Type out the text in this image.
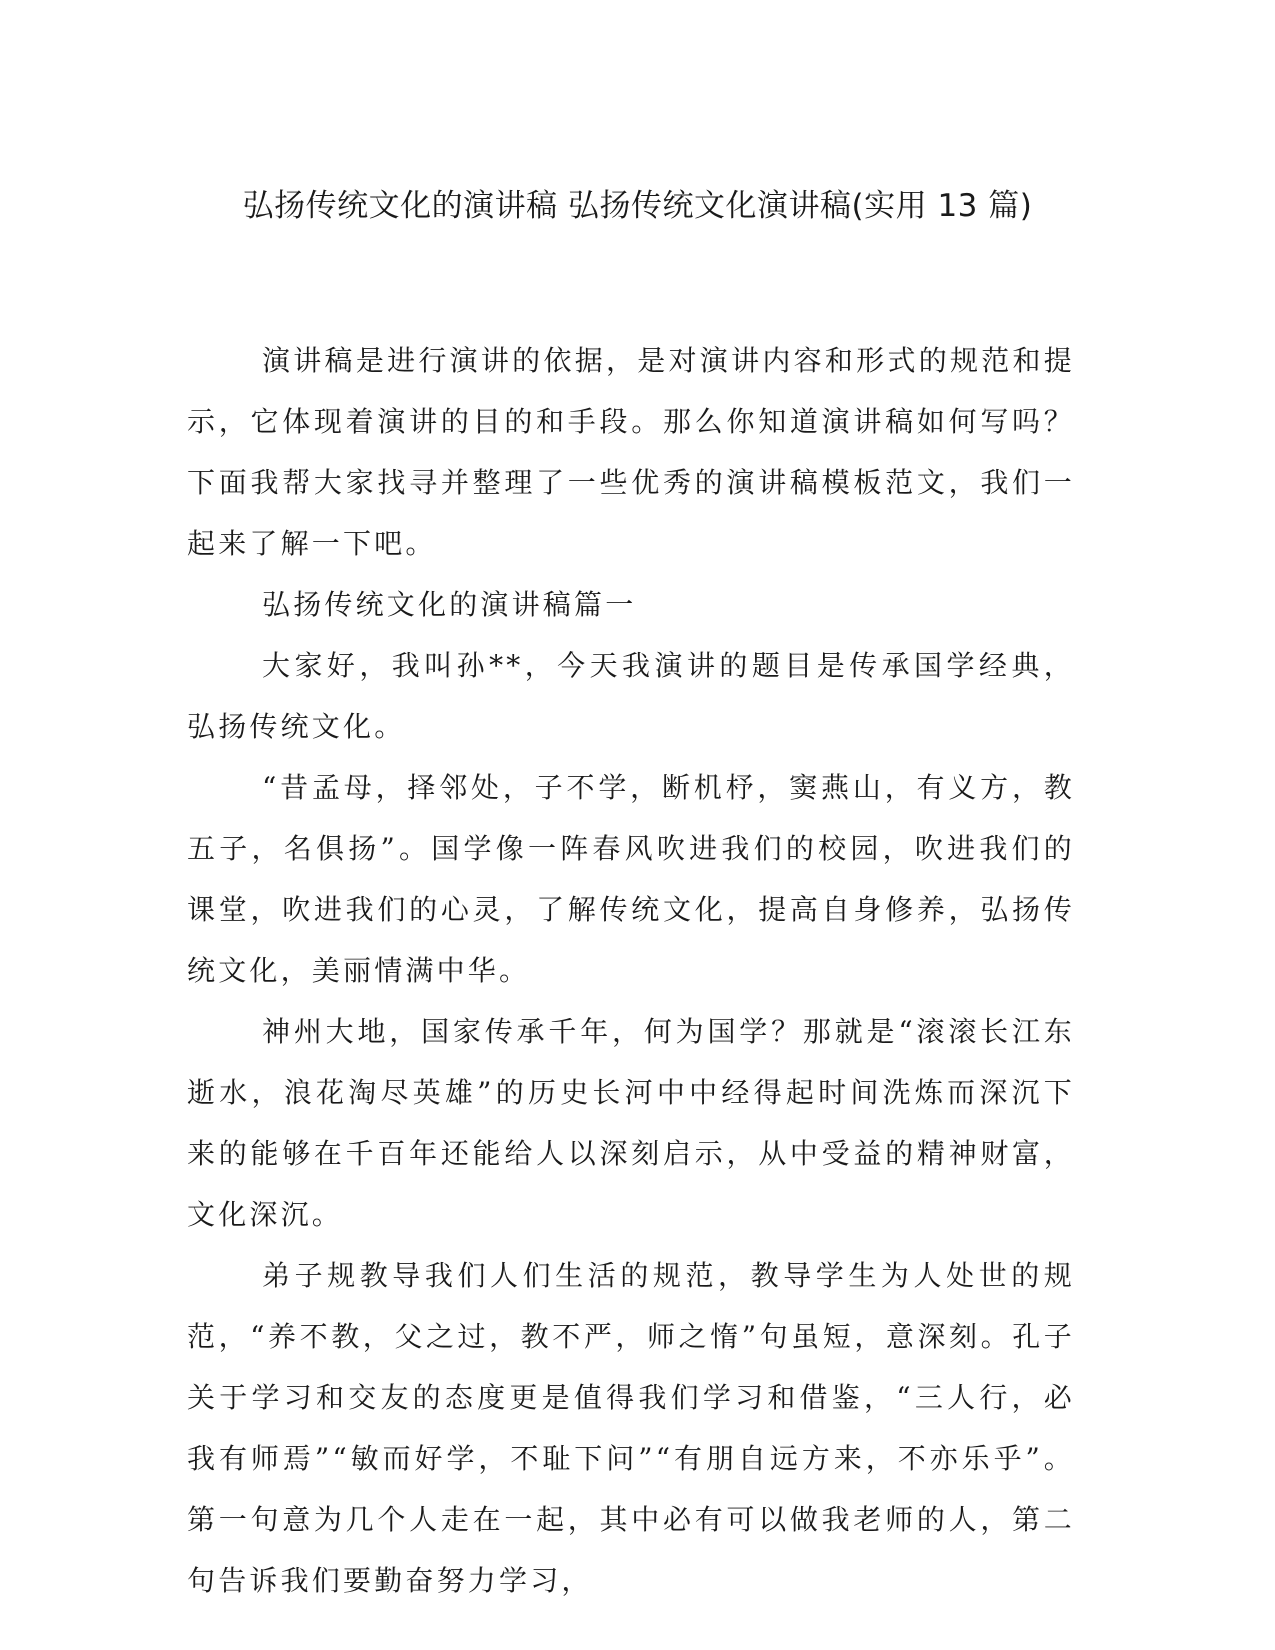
弘扬传统文化的演讲稿 弘扬传统文化演讲稿(实用 13 篇)

演讲稿是进行演讲的依据，是对演讲内容和形式的规范和提示，它体现着演讲的目的和手段。那么你知道演讲稿如何写吗？下面我帮大家找寻并整理了一些优秀的演讲稿模板范文，我们一起来了解一下吧。

弘扬传统文化的演讲稿篇一

大家好，我叫孙**，今天我演讲的题目是传承国学经典，弘扬传统文化。

“昔孟母，择邻处，子不学，断机杼，窦燕山，有义方，教五子，名俱扬”。国学像一阵春风吹进我们的校园，吹进我们的课堂，吹进我们的心灵，了解传统文化，提高自身修养，弘扬传统文化，美丽情满中华。

神州大地，国家传承千年，何为国学？那就是“滚滚长江东逝水，浪花淘尽英雄”的历史长河中中经得起时间洗炼而深沉下来的能够在千百年还能给人以深刻启示，从中受益的精神财富，文化深沉。

弟子规教导我们人们生活的规范，教导学生为人处世的规范，“养不教，父之过，教不严，师之惰”句虽短，意深刻。孔子关于学习和交友的态度更是值得我们学习和借鉴，“三人行，必我有师焉”“敏而好学，不耻下问”“有朋自远方来，不亦乐乎”。第一句意为几个人走在一起，其中必有可以做我老师的人，第二句告诉我们要勤奋努力学习，
